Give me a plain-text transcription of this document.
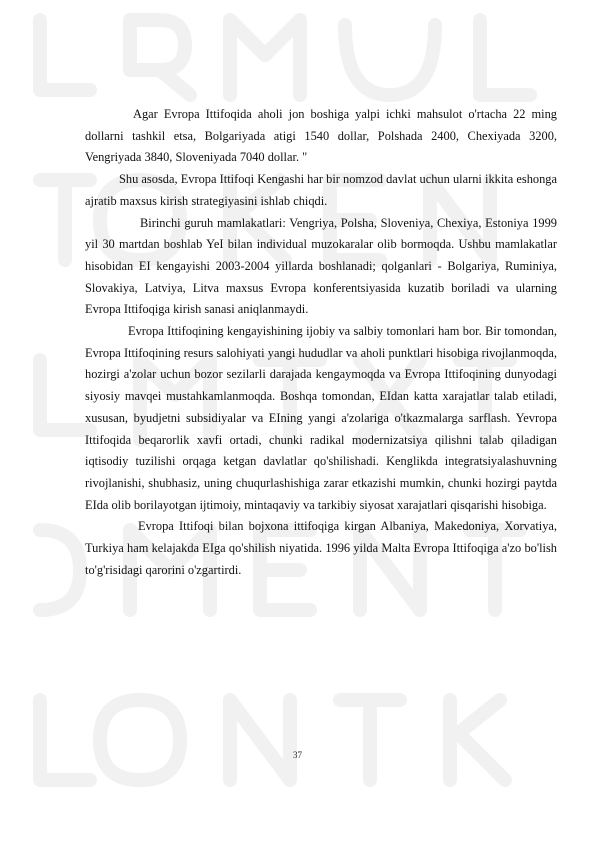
Agar Evropa Ittifoqida aholi jon boshiga yalpi ichki mahsulot o'rtacha 22 ming dollarni tashkil etsa, Bolgariyada atigi 1540 dollar, Polshada 2400, Chexiyada 3200, Vengriyada 3840, Sloveniyada 7040 dollar. "

Shu asosda, Evropa Ittifoqi Kengashi har bir nomzod davlat uchun ularni ikkita eshonga ajratib maxsus kirish strategiyasini ishlab chiqdi.

Birinchi guruh mamlakatlari: Vengriya, Polsha, Sloveniya, Chexiya, Estoniya 1999 yil 30 martdan boshlab YeI bilan individual muzokaralar olib bormoqda. Ushbu mamlakatlar hisobidan EI kengayishi 2003-2004 yillarda boshlanadi; qolganlari - Bolgariya, Ruminiya, Slovakiya, Latviya, Litva maxsus Evropa konferentsiyasida kuzatib boriladi va ularning Evropa Ittifoqiga kirish sanasi aniqlanmaydi.

Evropa Ittifoqining kengayishining ijobiy va salbiy tomonlari ham bor. Bir tomondan, Evropa Ittifoqining resurs salohiyati yangi hududlar va aholi punktlari hisobiga rivojlanmoqda, hozirgi a'zolar uchun bozor sezilarli darajada kengaymoqda va Evropa Ittifoqining dunyodagi siyosiy mavqei mustahkamlanmoqda. Boshqa tomondan, EIdan katta xarajatlar talab etiladi, xususan, byudjetni subsidiyalar va EIning yangi a'zolariga o'tkazmalarga sarflash. Yevropa Ittifoqida beqarorlik xavfi ortadi, chunki radikal modernizatsiya qilishni talab qiladigan iqtisodiy tuzilishi orqaga ketgan davlatlar qo'shilishadi. Kenglikda integratsiyalashuvning rivojlanishi, shubhasiz, uning chuqurlashishiga zarar etkazishi mumkin, chunki hozirgi paytda EIda olib borilayotgan ijtimoiy, mintaqaviy va tarkibiy siyosat xarajatlari qisqarishi hisobiga.

Evropa Ittifoqi bilan bojxona ittifoqiga kirgan Albaniya, Makedoniya, Xorvatiya, Turkiya ham kelajakda EIga qo'shilish niyatida. 1996 yilda Malta Evropa Ittifoqiga a'zo bo'lish to'g'risidagi qarorini o'zgartirdi.

37
